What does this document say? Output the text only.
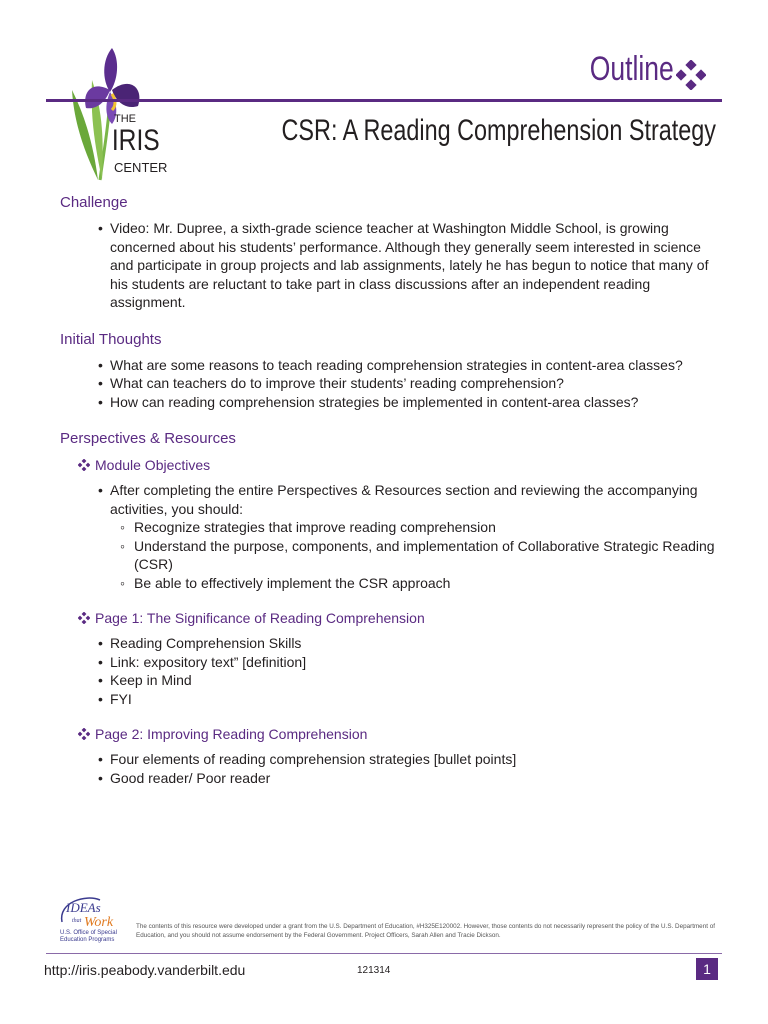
THE
IRIS
CENTER
Outline
CSR: A Reading Comprehension Strategy
Challenge
• Video: Mr. Dupree, a sixth-grade science teacher at Washington Middle School, is growing concerned about his students’ performance. Although they generally seem interested in science and participate in group projects and lab assignments, lately he has begun to notice that many of his students are reluctant to take part in class discussions after an independent reading assignment.
Initial Thoughts
• What are some reasons to teach reading comprehension strategies in content-area classes?
• What can teachers do to improve their students’ reading comprehension?
• How can reading comprehension strategies be implemented in content-area classes?
Perspectives & Resources
Module Objectives
• After completing the entire Perspectives & Resources section and reviewing the accompanying activities, you should:
◦ Recognize strategies that improve reading comprehension
◦ Understand the purpose, components, and implementation of Collaborative Strategic Reading (CSR)
◦ Be able to effectively implement the CSR approach
Page 1: The Significance of Reading Comprehension
• Reading Comprehension Skills
• Link: expository text” [definition]
• Keep in Mind
• FYI
Page 2: Improving Reading Comprehension
• Four elements of reading comprehension strategies [bullet points]
• Good reader/ Poor reader
IDEAs
that Work
U.S. Office of Special Education Programs
The contents of this resource were developed under a grant from the U.S. Department of Education, #H325E120002. However, those contents do not necessarily represent the policy of the U.S. Department of Education, and you should not assume endorsement by the Federal Government. Project Officers, Sarah Allen and Tracie Dickson.
http://iris.peabody.vanderbilt.edu	121314	1
